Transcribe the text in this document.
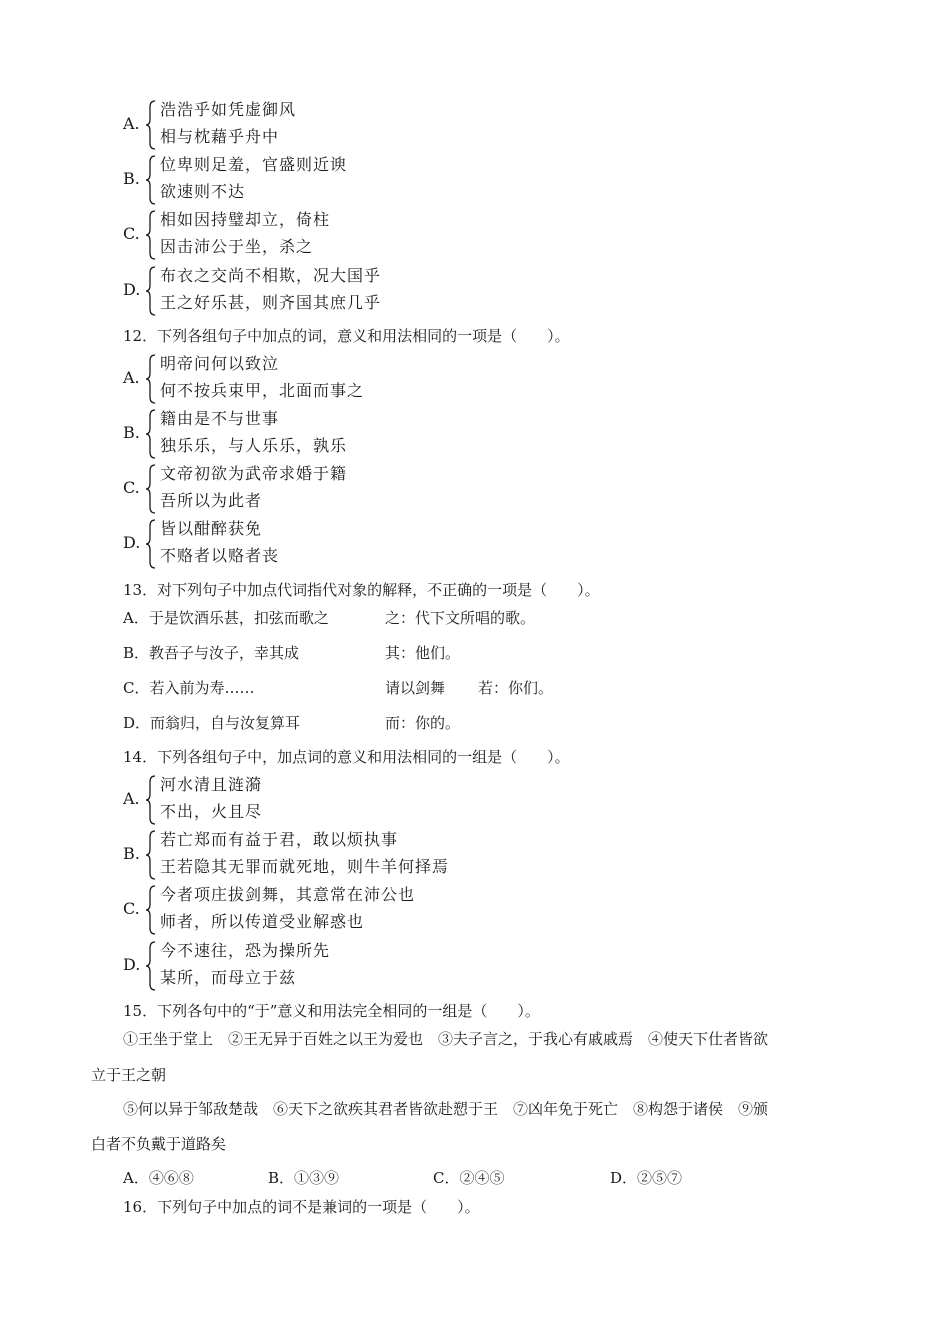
A.
浩浩乎如凭虚御风
相与枕藉乎舟中
B.
位卑则足羞，官盛则近谀
欲速则不达
C.
相如因持璧却立，倚柱
因击沛公于坐，杀之
D.
布衣之交尚不相欺，况大国乎
王之好乐甚，则齐国其庶几乎
12．下列各组句子中加点的词，意义和用法相同的一项是（　　）。
A.
明帝问何以致泣
何不按兵束甲，北面而事之
B.
籍由是不与世事
独乐乐，与人乐乐，孰乐
C.
文帝初欲为武帝求婚于籍
吾所以为此者
D.
皆以酣醉获免
不赂者以赂者丧
13．对下列句子中加点代词指代对象的解释，不正确的一项是（　　）。
A．于是饮酒乐甚，扣弦而歌之	之：代下文所唱的歌。
B．教吾子与汝子，幸其成	其：他们。
C．若入前为寿……	请以剑舞 若：你们。
D．而翁归，自与汝复算耳	而：你的。
14．下列各组句子中，加点词的意义和用法相同的一组是（　　）。
A.
河水清且涟漪
不出，火且尽
B.
若亡郑而有益于君，敢以烦执事
王若隐其无罪而就死地，则牛羊何择焉
C.
今者项庄拔剑舞，其意常在沛公也
师者，所以传道受业解惑也
D.
今不速往，恐为操所先
某所，而母立于兹
15．下列各句中的“于”意义和用法完全相同的一组是（　　）。
①王坐于堂上　②王无异于百姓之以王为爱也　③夫子言之，于我心有戚戚焉　④使天下仕者皆欲
立于王之朝
⑤何以异于邹敌楚哉　⑥天下之欲疾其君者皆欲赴愬于王　⑦凶年免于死亡　⑧构怨于诸侯　⑨颁
白者不负戴于道路矣
A．④⑥⑧	B．①③⑨	C．②④⑤	D．②⑤⑦
16．下列句子中加点的词不是兼词的一项是（　　）。
